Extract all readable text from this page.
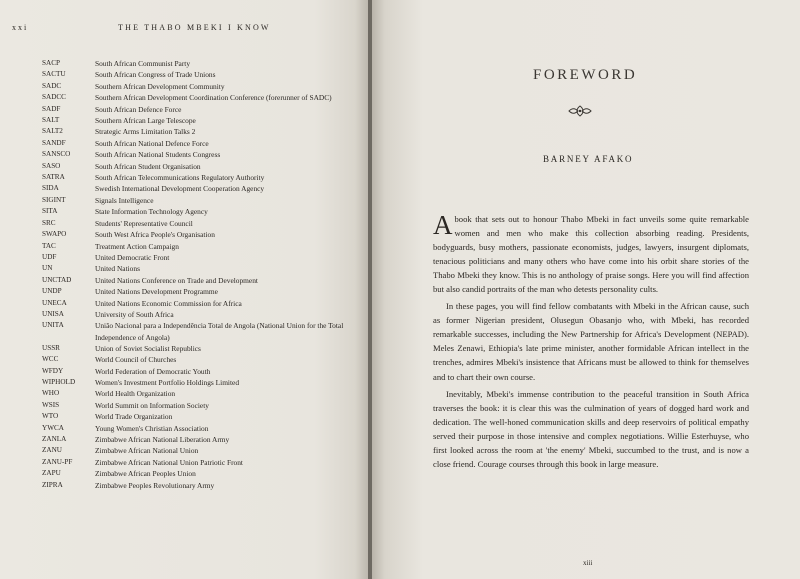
xxi	THE THABO MBEKI I KNOW
SACP	South African Communist Party
SACTU	South African Congress of Trade Unions
SADC	Southern African Development Community
SADCC	Southern African Development Coordination Conference (forerunner of SADC)
SADF	South African Defence Force
SALT	Southern African Large Telescope
SALT2	Strategic Arms Limitation Talks 2
SANDF	South African National Defence Force
SANSCO	South African National Students Congress
SASO	South African Student Organisation
SATRA	South African Telecommunications Regulatory Authority
SIDA	Swedish International Development Cooperation Agency
SIGINT	Signals Intelligence
SITA	State Information Technology Agency
SRC	Students' Representative Council
SWAPO	South West Africa People's Organisation
TAC	Treatment Action Campaign
UDF	United Democratic Front
UN	United Nations
UNCTAD	United Nations Conference on Trade and Development
UNDP	United Nations Development Programme
UNECA	United Nations Economic Commission for Africa
UNISA	University of South Africa
UNITA	União Nacional para a Independência Total de Angola (National Union for the Total Independence of Angola)
USSR	Union of Soviet Socialist Republics
WCC	World Council of Churches
WFDY	World Federation of Democratic Youth
WIPHOLD	Women's Investment Portfolio Holdings Limited
WHO	World Health Organization
WSIS	World Summit on Information Society
WTO	World Trade Organization
YWCA	Young Women's Christian Association
ZANLA	Zimbabwe African National Liberation Army
ZANU	Zimbabwe African National Union
ZANU-PF	Zimbabwe African National Union Patriotic Front
ZAPU	Zimbabwe African Peoples Union
ZIPRA	Zimbabwe Peoples Revolutionary Army
FOREWORD
BARNEY AFAKO

Abook that sets out to honour Thabo Mbeki in fact unveils some quite remarkable women and men who make this collection absorbing reading. Presidents, bodyguards, busy mothers, passionate economists, judges, lawyers, insurgent diplomats, tenacious politicians and many others who have come into his orbit share stories of the Thabo Mbeki they know. This is no anthology of praise songs. Here you will find affection but also candid portraits of the man who detests personality cults.

In these pages, you will find fellow combatants with Mbeki in the African cause, such as former Nigerian president, Olusegun Obasanjo who, with Mbeki, has recorded remarkable successes, including the New Partnership for Africa's Development (NEPAD). Meles Zenawi, Ethiopia's late prime minister, another formidable African intellect in the trenches, admires Mbeki's insistence that Africans must be allowed to think for themselves and to chart their own course.

Inevitably, Mbeki's immense contribution to the peaceful transition in South Africa traverses the book: it is clear this was the culmination of years of dogged hard work and dedication. The well-honed communication skills and deep reservoirs of political empathy served their purpose in those intensive and complex negotiations. Willie Esterhuyse, who first looked across the room at 'the enemy' Mbeki, succumbed to the trust, and is now a close friend. Courage courses through this book in large measure.

xiii
